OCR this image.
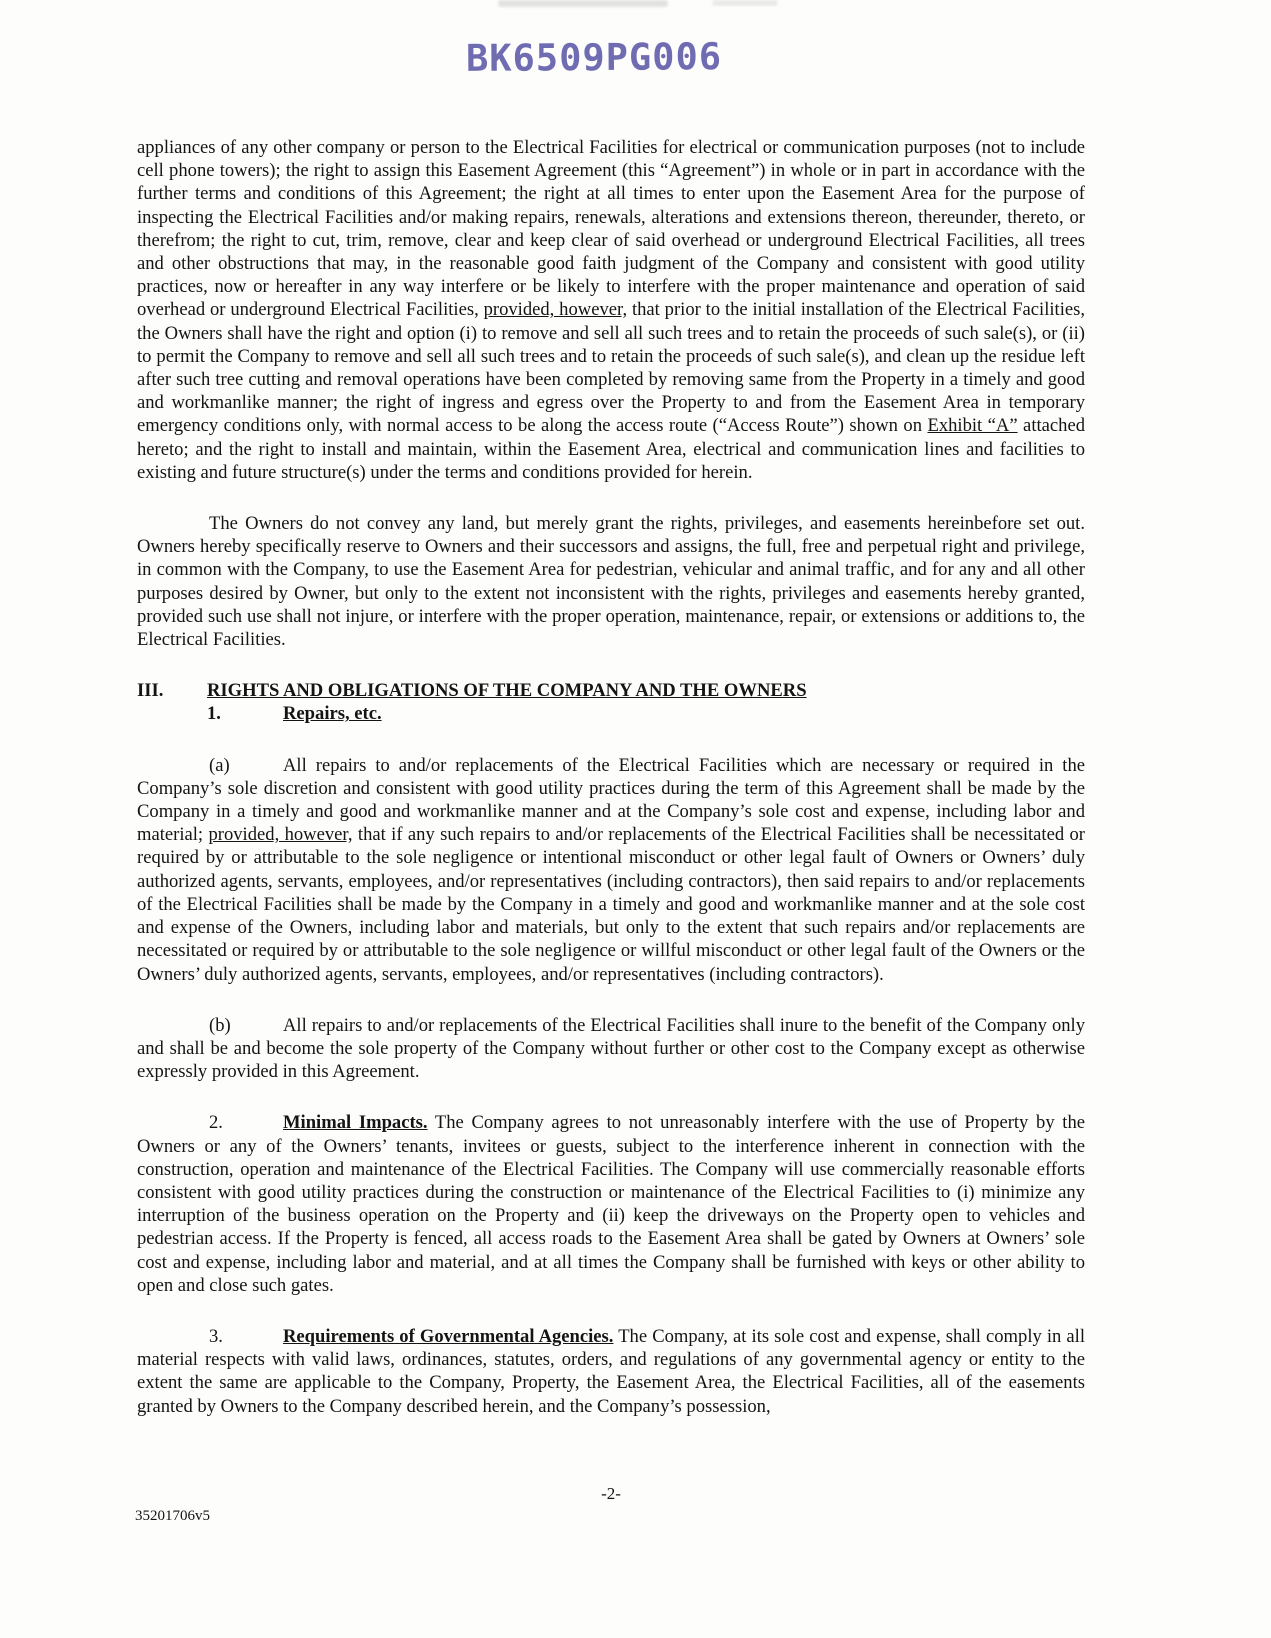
BK6509PG006
appliances of any other company or person to the Electrical Facilities for electrical or communication purposes (not to include cell phone towers); the right to assign this Easement Agreement (this “Agreement”) in whole or in part in accordance with the further terms and conditions of this Agreement; the right at all times to enter upon the Easement Area for the purpose of inspecting the Electrical Facilities and/or making repairs, renewals, alterations and extensions thereon, thereunder, thereto, or therefrom; the right to cut, trim, remove, clear and keep clear of said overhead or underground Electrical Facilities, all trees and other obstructions that may, in the reasonable good faith judgment of the Company and consistent with good utility practices, now or hereafter in any way interfere or be likely to interfere with the proper maintenance and operation of said overhead or underground Electrical Facilities, provided, however, that prior to the initial installation of the Electrical Facilities, the Owners shall have the right and option (i) to remove and sell all such trees and to retain the proceeds of such sale(s), or (ii) to permit the Company to remove and sell all such trees and to retain the proceeds of such sale(s), and clean up the residue left after such tree cutting and removal operations have been completed by removing same from the Property in a timely and good and workmanlike manner; the right of ingress and egress over the Property to and from the Easement Area in temporary emergency conditions only, with normal access to be along the access route (“Access Route”) shown on Exhibit “A” attached hereto; and the right to install and maintain, within the Easement Area, electrical and communication lines and facilities to existing and future structure(s) under the terms and conditions provided for herein.
The Owners do not convey any land, but merely grant the rights, privileges, and easements hereinbefore set out. Owners hereby specifically reserve to Owners and their successors and assigns, the full, free and perpetual right and privilege, in common with the Company, to use the Easement Area for pedestrian, vehicular and animal traffic, and for any and all other purposes desired by Owner, but only to the extent not inconsistent with the rights, privileges and easements hereby granted, provided such use shall not injure, or interfere with the proper operation, maintenance, repair, or extensions or additions to, the Electrical Facilities.
III. RIGHTS AND OBLIGATIONS OF THE COMPANY AND THE OWNERS
1.	Repairs, etc.
(a)	All repairs to and/or replacements of the Electrical Facilities which are necessary or required in the Company’s sole discretion and consistent with good utility practices during the term of this Agreement shall be made by the Company in a timely and good and workmanlike manner and at the Company’s sole cost and expense, including labor and material; provided, however, that if any such repairs to and/or replacements of the Electrical Facilities shall be necessitated or required by or attributable to the sole negligence or intentional misconduct or other legal fault of Owners or Owners’ duly authorized agents, servants, employees, and/or representatives (including contractors), then said repairs to and/or replacements of the Electrical Facilities shall be made by the Company in a timely and good and workmanlike manner and at the sole cost and expense of the Owners, including labor and materials, but only to the extent that such repairs and/or replacements are necessitated or required by or attributable to the sole negligence or willful misconduct or other legal fault of the Owners or the Owners’ duly authorized agents, servants, employees, and/or representatives (including contractors).
(b)	All repairs to and/or replacements of the Electrical Facilities shall inure to the benefit of the Company only and shall be and become the sole property of the Company without further or other cost to the Company except as otherwise expressly provided in this Agreement.
2.	Minimal Impacts. The Company agrees to not unreasonably interfere with the use of Property by the Owners or any of the Owners’ tenants, invitees or guests, subject to the interference inherent in connection with the construction, operation and maintenance of the Electrical Facilities. The Company will use commercially reasonable efforts consistent with good utility practices during the construction or maintenance of the Electrical Facilities to (i) minimize any interruption of the business operation on the Property and (ii) keep the driveways on the Property open to vehicles and pedestrian access. If the Property is fenced, all access roads to the Easement Area shall be gated by Owners at Owners’ sole cost and expense, including labor and material, and at all times the Company shall be furnished with keys or other ability to open and close such gates.
3.	Requirements of Governmental Agencies. The Company, at its sole cost and expense, shall comply in all material respects with valid laws, ordinances, statutes, orders, and regulations of any governmental agency or entity to the extent the same are applicable to the Company, Property, the Easement Area, the Electrical Facilities, all of the easements granted by Owners to the Company described herein, and the Company’s possession,
-2-
35201706v5
